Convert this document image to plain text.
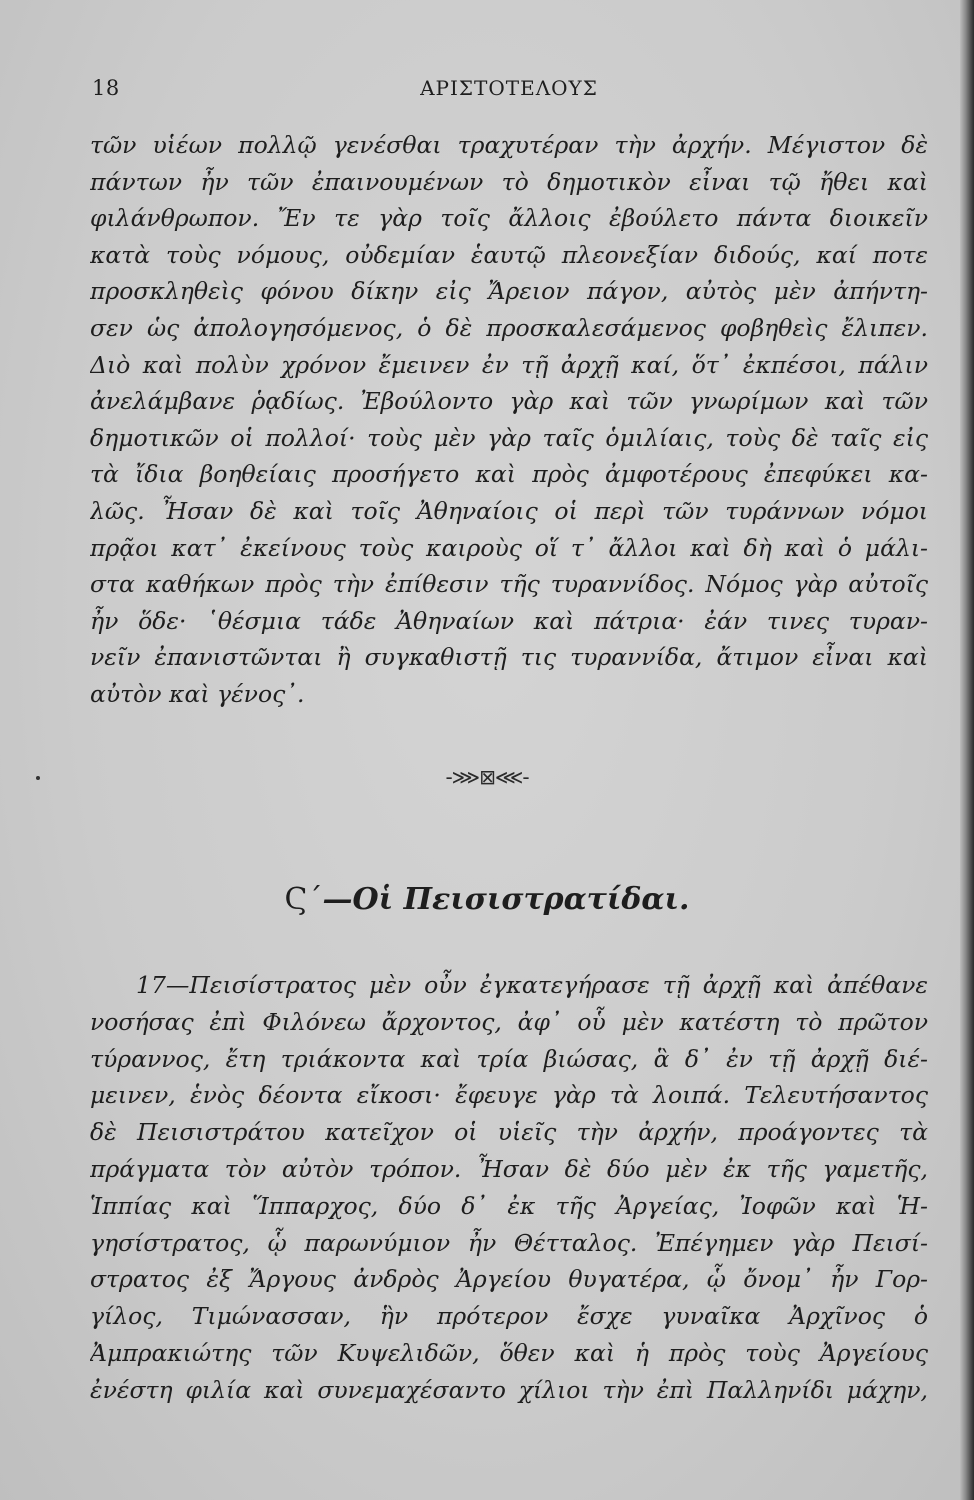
18	ΑΡΙΣΤΟΤΕΛΟΥΣ
τῶν υἱέων πολλῷ γενέσθαι τραχυτέραν τὴν ἀρχήν. Μέγιστον δὲ
πάντων ἦν τῶν ἐπαινουμένων τὸ δημοτικὸν εἶναι τῷ ἤθει καὶ
φιλάνθρωπον. Ἔν τε γὰρ τοῖς ἄλλοις ἐβούλετο πάντα διοικεῖν
κατὰ τοὺς νόμους, οὐδεμίαν ἑαυτῷ πλεονεξίαν διδούς, καί ποτε
προσκληθεὶς φόνου δίκην εἰς Ἄρειον πάγον, αὐτὸς μὲν ἀπήντη-
σεν ὡς ἀπολογησόμενος, ὁ δὲ προσκαλεσάμενος φοβηθεὶς ἔλιπεν.
Διὸ καὶ πολὺν χρόνον ἔμεινεν ἐν τῇ ἀρχῇ καί, ὅτ᾽ ἐκπέσοι, πάλιν
ἀνελάμβανε ῥᾳδίως. Ἐβούλοντο γὰρ καὶ τῶν γνωρίμων καὶ τῶν
δημοτικῶν οἱ πολλοί· τοὺς μὲν γὰρ ταῖς ὁμιλίαις, τοὺς δὲ ταῖς εἰς
τὰ ἴδια βοηθείαις προσήγετο καὶ πρὸς ἀμφοτέρους ἐπεφύκει κα-
λῶς. Ἦσαν δὲ καὶ τοῖς Ἀθηναίοις οἱ περὶ τῶν τυράννων νόμοι
πρᾷοι κατ᾽ ἐκείνους τοὺς καιροὺς οἵ τ᾽ ἄλλοι καὶ δὴ καὶ ὁ μάλι-
στα καθήκων πρὸς τὴν ἐπίθεσιν τῆς τυραννίδος. Νόμος γὰρ αὐτοῖς
ἦν ὅδε· ῾θέσμια τάδε Ἀθηναίων καὶ πάτρια· ἐάν τινες τυραν-
νεῖν ἐπανιστῶνται ἢ συγκαθιστῇ τις τυραννίδα, ἄτιμον εἶναι καὶ
αὐτὸν καὶ γένος᾽.
-⋙⊠⋘-
Ϛ´—Οἱ Πεισιστρατίδαι.
17—Πεισίστρατος μὲν οὖν ἐγκατεγήρασε τῇ ἀρχῇ καὶ ἀπέθανε
νοσήσας ἐπὶ Φιλόνεω ἄρχοντος, ἀφ᾽ οὗ μὲν κατέστη τὸ πρῶτον
τύραννος, ἔτη τριάκοντα καὶ τρία βιώσας, ἃ δ᾽ ἐν τῇ ἀρχῇ διέ-
μεινεν, ἑνὸς δέοντα εἴκοσι· ἔφευγε γὰρ τὰ λοιπά. Τελευτήσαντος
δὲ Πεισιστράτου κατεῖχον οἱ υἱεῖς τὴν ἀρχήν, προάγοντες τὰ
πράγματα τὸν αὐτὸν τρόπον. Ἦσαν δὲ δύο μὲν ἐκ τῆς γαμετῆς,
Ἱππίας καὶ Ἵππαρχος, δύο δ᾽ ἐκ τῆς Ἀργείας, Ἰοφῶν καὶ Ἡ-
γησίστρατος, ᾧ παρωνύμιον ἦν Θέτταλος. Ἐπέγημεν γὰρ Πεισί-
στρατος ἐξ Ἄργους ἀνδρὸς Ἀργείου θυγατέρα, ᾧ ὄνομ᾽ ἦν Γορ-
γίλος, Τιμώνασσαν, ἣν πρότερον ἔσχε γυναῖκα Ἀρχῖνος ὁ
Ἀμπρακιώτης τῶν Κυψελιδῶν, ὅθεν καὶ ἡ πρὸς τοὺς Ἀργείους
ἐνέστη φιλία καὶ συνεμαχέσαντο χίλιοι τὴν ἐπὶ Παλληνίδι μάχην,
